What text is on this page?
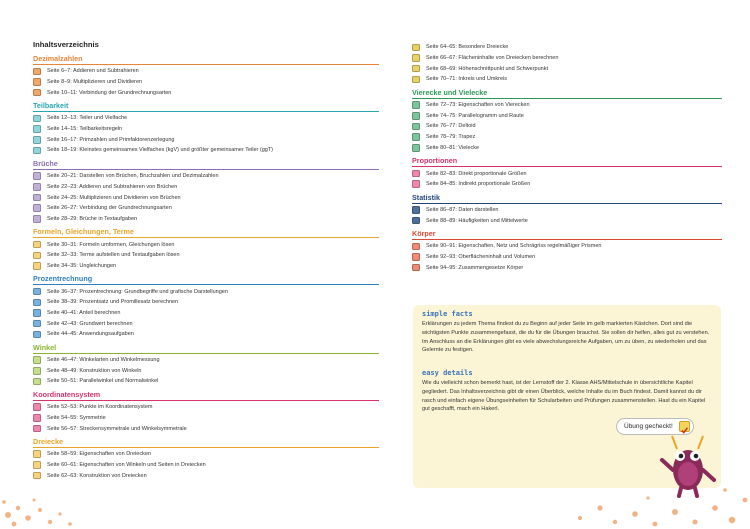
Inhaltsverzeichnis
Dezimalzahlen
Seite 6–7: Addieren und Subtrahieren
Seite 8–9: Multiplizieren und Dividieren
Seite 10–11: Verbindung der Grundrechnungsarten
Teilbarkeit
Seite 12–13: Teiler und Vielfache
Seite 14–15: Teilbarkeitsregeln
Seite 16–17: Primzahlen und Primfaktorenzerlegung
Seite 18–19: Kleinstes gemeinsames Vielfaches (kgV) und größter gemeinsamer Teiler (ggT)
Brüche
Seite 20–21: Darstellen von Brüchen, Bruchzahlen und Dezimalzahlen
Seite 22–23: Addieren und Subtrahieren von Brüchen
Seite 24–25: Multiplizieren und Dividieren von Brüchen
Seite 26–27: Verbindung der Grundrechnungsarten
Seite 28–29: Brüche in Textaufgaben
Formeln, Gleichungen, Terme
Seite 30–31: Formeln umformen, Gleichungen lösen
Seite 32–33: Terme aufstellen und Textaufgaben lösen
Seite 34–35: Ungleichungen
Prozentrechnung
Seite 36–37: Prozentrechnung: Grundbegriffe und grafische Darstellungen
Seite 38–39: Prozentsatz und Promillesatz berechnen
Seite 40–41: Anteil berechnen
Seite 42–43: Grundwert berechnen
Seite 44–45: Anwendungsaufgaben
Winkel
Seite 46–47: Winkelarten und Winkelmessung
Seite 48–49: Konstruktion von Winkeln
Seite 50–51: Parallelwinkel und Normalwinkel
Koordinatensystem
Seite 52–53: Punkte im Koordinatensystem
Seite 54–55: Symmetrie
Seite 56–57: Streckensymmetrale und Winkelsymmetrale
Dreiecke
Seite 58–59: Eigenschaften von Dreiecken
Seite 60–61: Eigenschaften von Winkeln und Seiten in Dreiecken
Seite 62–63: Konstruktion von Dreiecken
Seite 64–65: Besondere Dreiecke
Seite 66–67: Flächeninhalte von Dreiecken berechnen
Seite 68–69: Höhenschnittpunkt und Schwerpunkt
Seite 70–71: Inkreis und Umkreis
Vierecke und Vielecke
Seite 72–73: Eigenschaften von Vierecken
Seite 74–75: Parallelogramm und Raute
Seite 76–77: Deltoid
Seite 78–79: Trapez
Seite 80–81: Vielecke
Proportionen
Seite 82–83: Direkt proportionale Größen
Seite 84–85: Indirekt proportionale Größen
Statistik
Seite 86–87: Daten darstellen
Seite 88–89: Häufigkeiten und Mittelwerte
Körper
Seite 90–91: Eigenschaften, Netz und Schrägriss regelmäßiger Prismen
Seite 92–93: Oberflächeninhalt und Volumen
Seite 94–95: Zusammengesetze Körper
simple facts
Erklärungen zu jedem Thema findest du zu Beginn auf jeder Seite im gelb markierten Kästchen. Dort sind die wichtigsten Punkte zusammengefasst, die du für die Übungen brauchst. Sie sollen dir helfen, alles gut zu verstehen. Im Anschluss an die Erklärungen gibt es viele abwechslungsreiche Aufgaben, um zu üben, zu wiederholen und das Gelernte zu festigen.
easy details
Wie du vielleicht schon bemerkt hast, ist der Lernstoff der 2. Klasse AHS/Mittelschule in übersichtliche Kapitel gegliedert. Das Inhaltsverzeichnis gibt dir einen Überblick, welche Inhalte du im Buch findest. Damit kannst du dir rasch und einfach eigene Übungseinheiten für Schularbeiten und Prüfungen zusammenstellen. Hast du ein Kapitel gut geschafft, mach ein Hakerl.
Übung gecheckt!
